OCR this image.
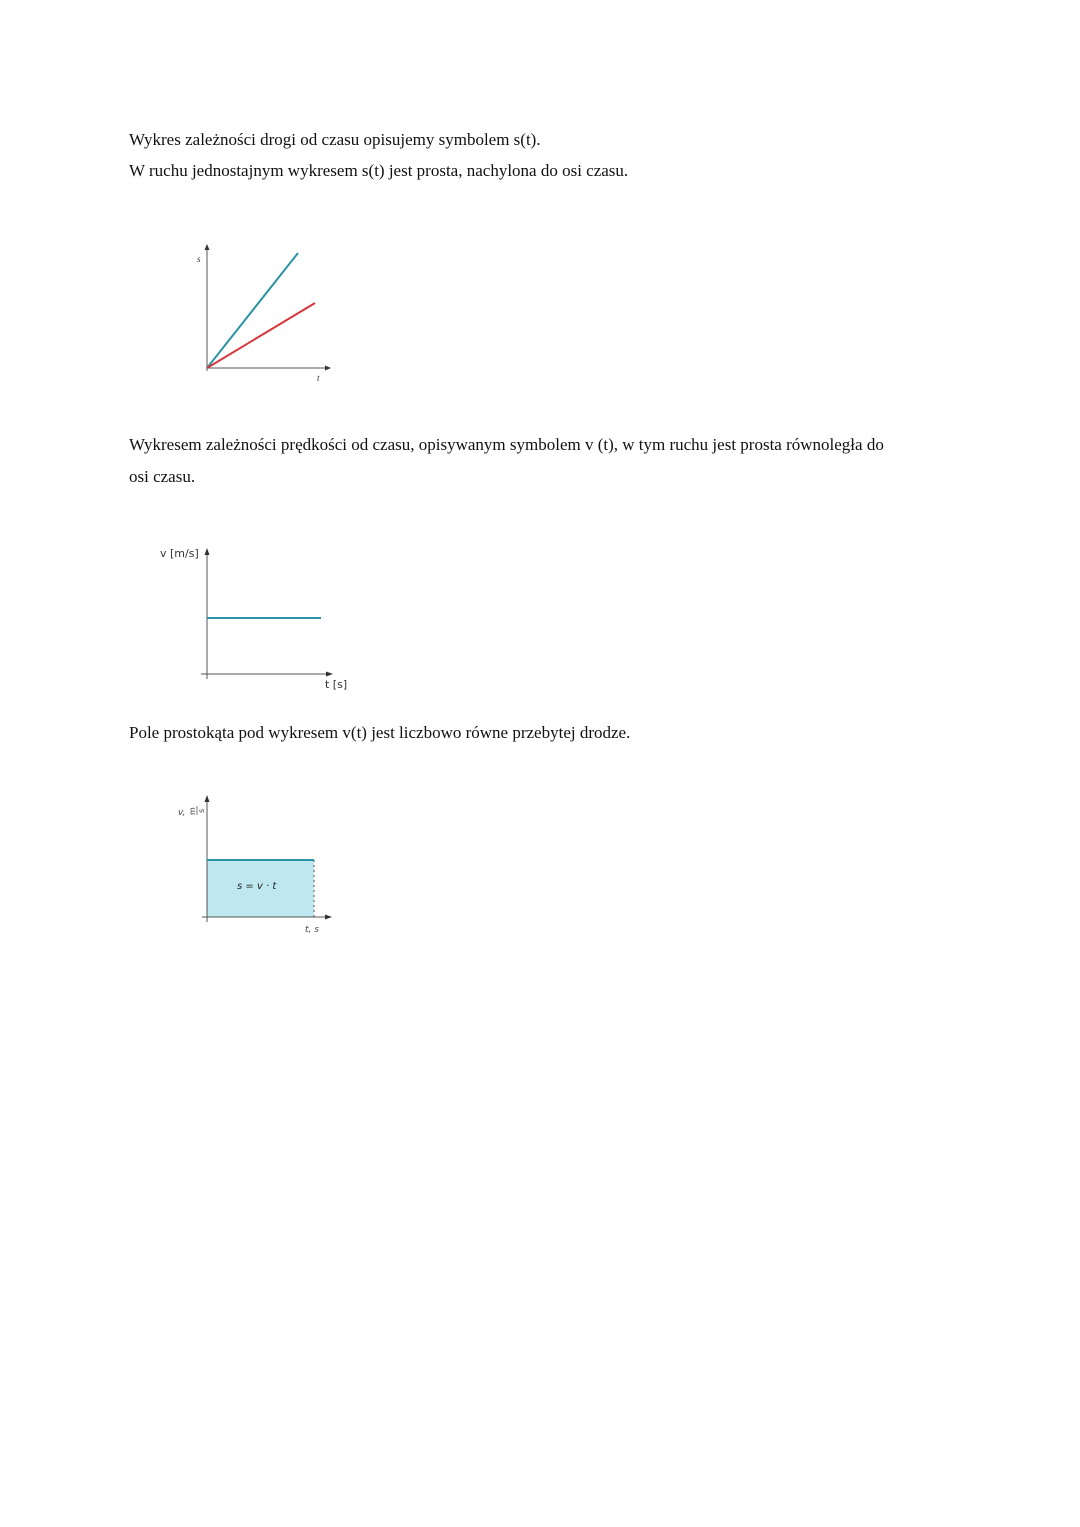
Wykres zależności drogi od czasu opisujemy symbolem s(t).

W ruchu jednostajnym wykresem s(t) jest prosta, nachylona do osi czasu.

s
t

Wykresem zależności prędkości od czasu, opisywanym symbolem v (t), w tym ruchu jest prosta równoległa do

osi czasu.

v [m/s]
t [s]

Pole prostokąta pod wykresem v(t) jest liczbowo równe przebytej drodze.

s = v · t
v, m s
t, s
